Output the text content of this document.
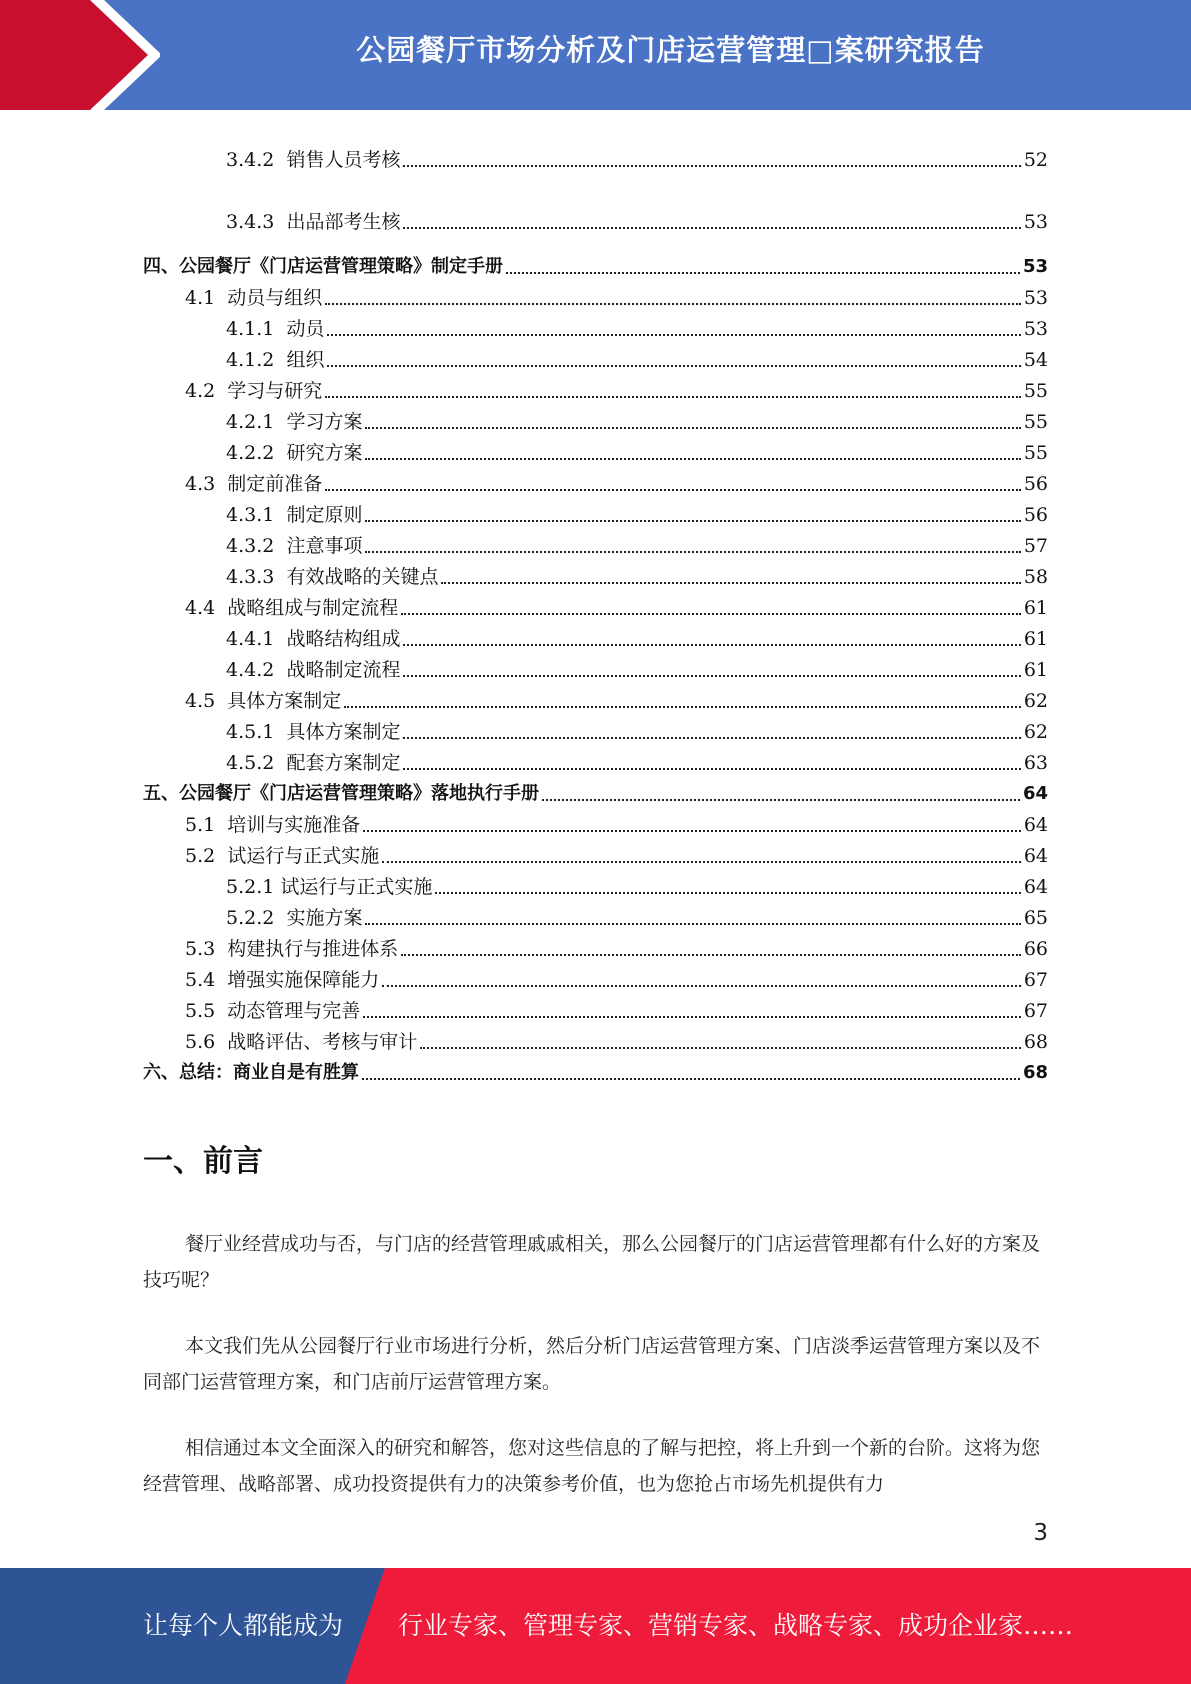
公园餐厅市场分析及门店运营管理□案研究报告
3.4.2 销售人员考核	52
3.4.3 出品部考生核	53
四、公园餐厅《门店运营管理策略》制定手册	53
4.1 动员与组织	53
4.1.1 动员	53
4.1.2 组织	54
4.2 学习与研究	55
4.2.1 学习方案	55
4.2.2 研究方案	55
4.3 制定前准备	56
4.3.1 制定原则	56
4.3.2 注意事项	57
4.3.3 有效战略的关键点	58
4.4 战略组成与制定流程	61
4.4.1 战略结构组成	61
4.4.2 战略制定流程	61
4.5 具体方案制定	62
4.5.1 具体方案制定	62
4.5.2 配套方案制定	63
五、公园餐厅《门店运营管理策略》落地执行手册	64
5.1 培训与实施准备	64
5.2 试运行与正式实施	64
5.2.1 试运行与正式实施	64
5.2.2 实施方案	65
5.3 构建执行与推进体系	66
5.4 增强实施保障能力	67
5.5 动态管理与完善	67
5.6 战略评估、考核与审计	68
六、总结：商业自是有胜算	68
一、前言

餐厅业经营成功与否，与门店的经营管理戚戚相关，那么公园餐厅的门店运营管理都有什么好的方案及技巧呢？

本文我们先从公园餐厅行业市场进行分析，然后分析门店运营管理方案、门店淡季运营管理方案以及不同部门运营管理方案，和门店前厅运营管理方案。

相信通过本文全面深入的研究和解答，您对这些信息的了解与把控，将上升到一个新的台阶。这将为您经营管理、战略部署、成功投资提供有力的决策参考价值，也为您抢占市场先机提供有力

3
让每个人都能成为 行业专家、管理专家、营销专家、战略专家、成功企业家……
